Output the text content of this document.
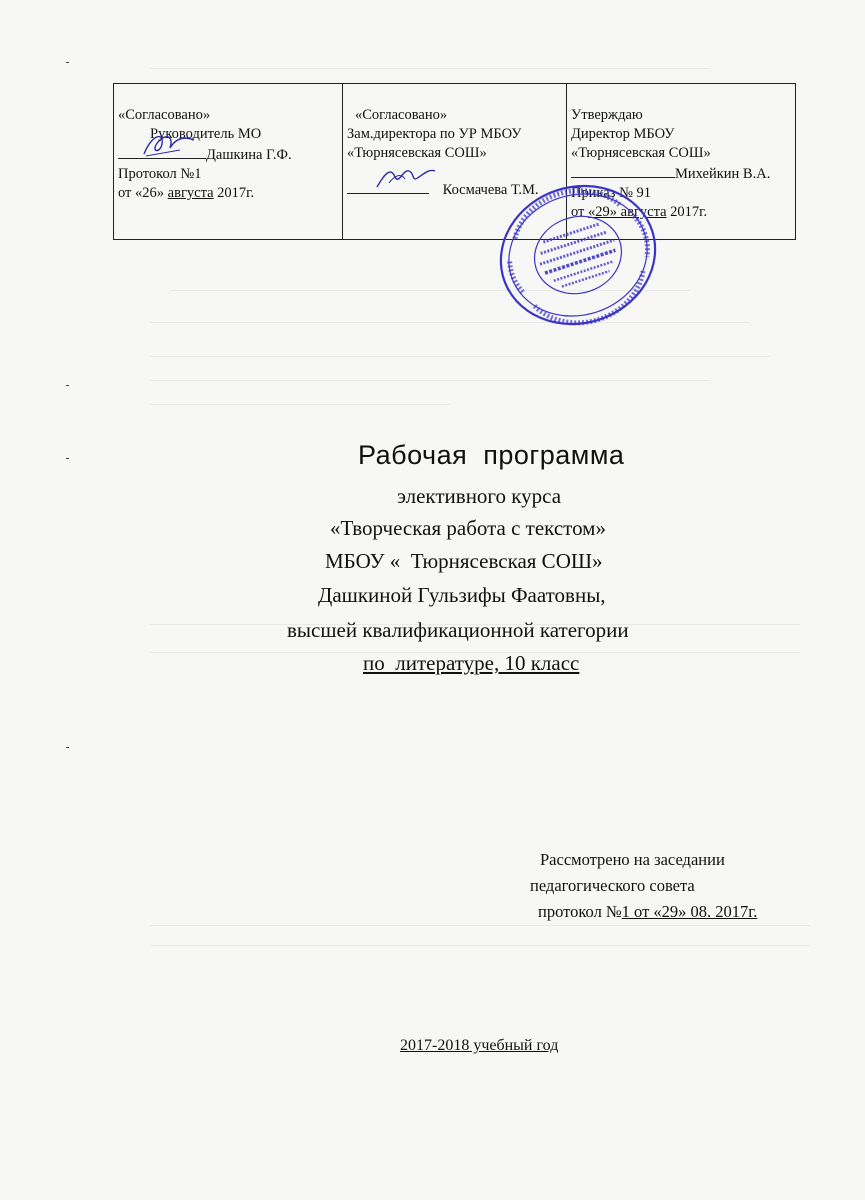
«Согласовано»
Руководитель МО
Дашкина Г.Ф.
Протокол №1
от «26» августа 2017г.
«Согласовано»
Зам.директора по УР МБОУ
«Тюрнясевская СОШ»
Космачева Т.М.
Утверждаю
Директор МБОУ
«Тюрнясевская СОШ»
Михейкин В.А.
Приказ № 91
от «29» августа 2017г.
Рабочая  программа
элективного курса
«Творческая работа с текстом»
МБОУ «  Тюрнясевская СОШ»
Дашкиной Гульзифы Фаатовны,
высшей квалификационной категории
по  литературе, 10 класс
Рассмотрено на заседании
педагогического совета
протокол №1 от «29» 08. 2017г.
2017-2018 учебный год
